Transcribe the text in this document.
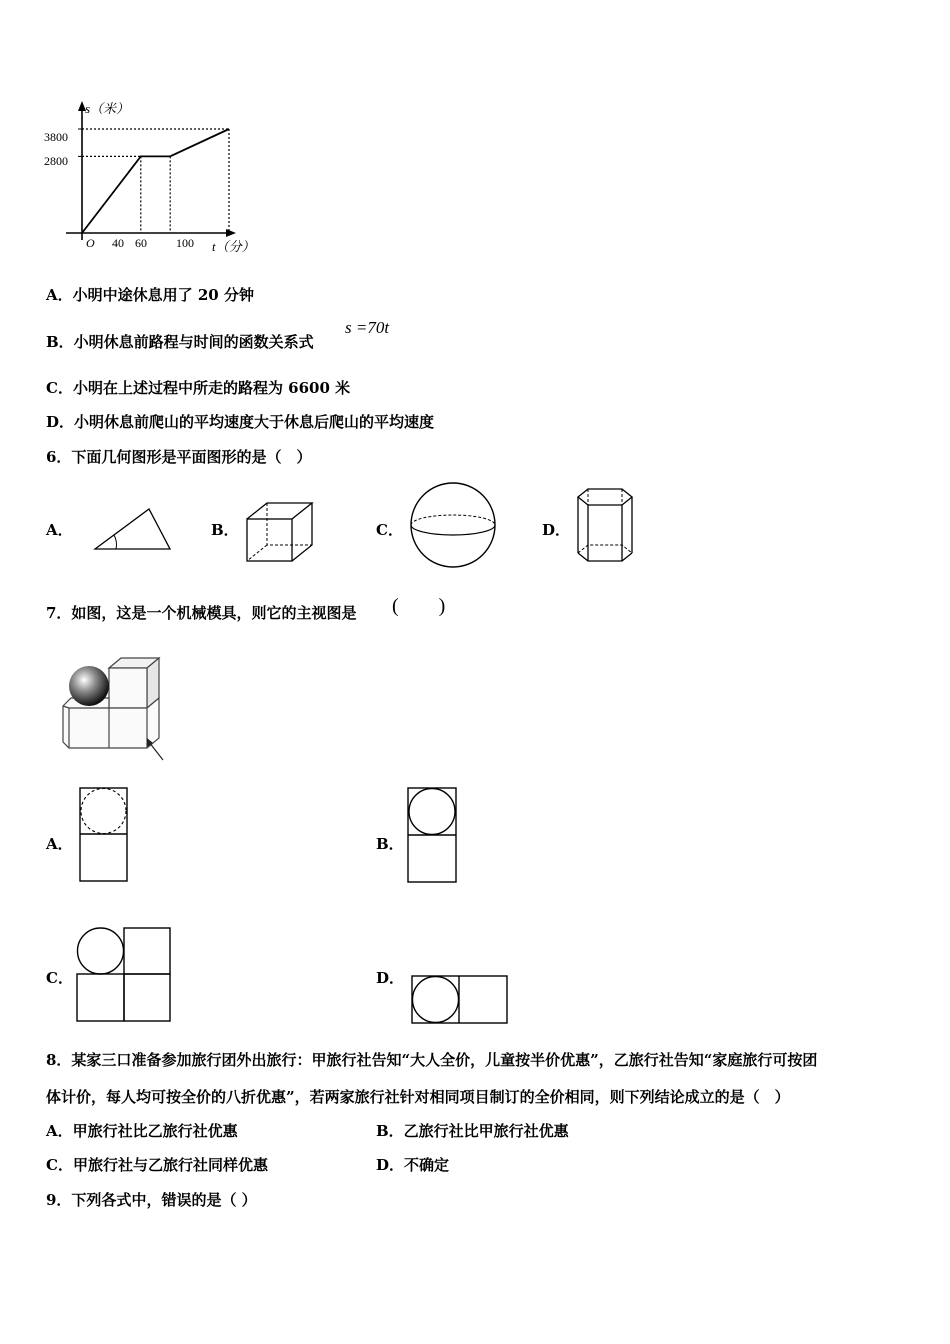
s（米）
t（分）
O
3800
2800
40 60 100
A．小明中途休息用了 20 分钟
B．小明休息前路程与时间的函数关系式
s =70t
C．小明在上述过程中所走的路程为 6600 米
D．小明休息前爬山的平均速度大于休息后爬山的平均速度
6．下面几何图形是平面图形的是（　）
A．	B．	C．	D．
7．如图，这是一个机械模具，则它的主视图是 (　　)
A．	B．
C．	D．
8．某家三口准备参加旅行团外出旅行：甲旅行社告知“大人全价，儿童按半价优惠”，乙旅行社告知“家庭旅行可按团
体计价，每人均可按全价的八折优惠”，若两家旅行社针对相同项目制订的全价相同，则下列结论成立的是（　）
A．甲旅行社比乙旅行社优惠	B．乙旅行社比甲旅行社优惠
C．甲旅行社与乙旅行社同样优惠	D．不确定
9．下列各式中，错误的是（ ）
